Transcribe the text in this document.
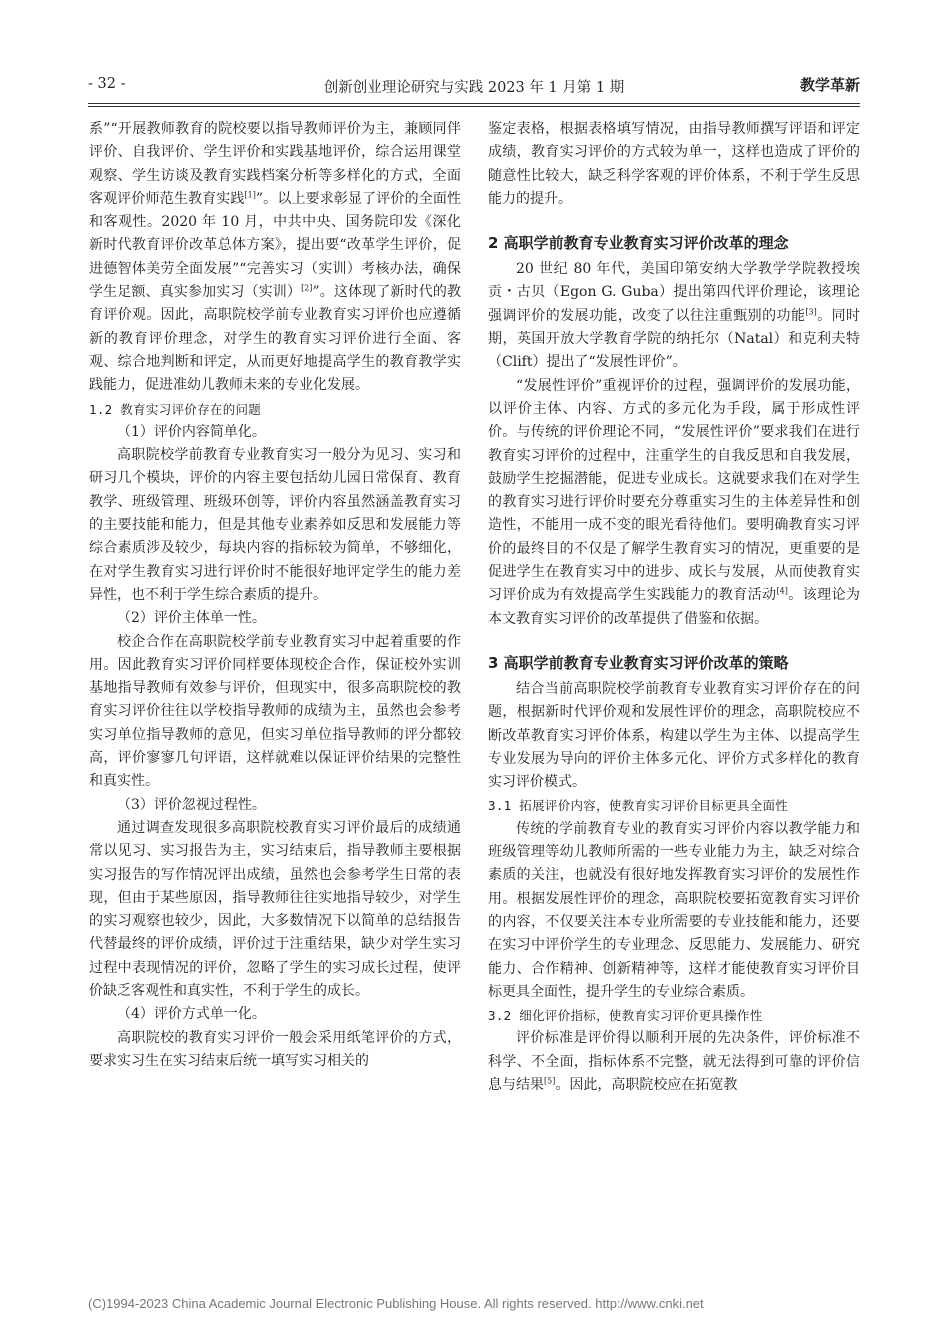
- 32 -	创新创业理论研究与实践 2023 年 1 月第 1 期	教学革新

系”“开展教师教育的院校要以指导教师评价为主，兼顾同伴评价、自我评价、学生评价和实践基地评价，综合运用课堂观察、学生访谈及教育实践档案分析等多样化的方式，全面客观评价师范生教育实践[1]”。以上要求彰显了评价的全面性和客观性。2020 年 10 月，中共中央、国务院印发《深化新时代教育评价改革总体方案》，提出要“改革学生评价，促进德智体美劳全面发展”“完善实习（实训）考核办法，确保学生足额、真实参加实习（实训）[2]”。这体现了新时代的教育评价观。因此，高职院校学前专业教育实习评价也应遵循新的教育评价理念，对学生的教育实习评价进行全面、客观、综合地判断和评定，从而更好地提高学生的教育教学实践能力，促进准幼儿教师未来的专业化发展。

1.2 教育实习评价存在的问题

（1）评价内容简单化。

高职院校学前教育专业教育实习一般分为见习、实习和研习几个模块，评价的内容主要包括幼儿园日常保育、教育教学、班级管理、班级环创等，评价内容虽然涵盖教育实习的主要技能和能力，但是其他专业素养如反思和发展能力等综合素质涉及较少，每块内容的指标较为简单，不够细化，在对学生教育实习进行评价时不能很好地评定学生的能力差异性，也不利于学生综合素质的提升。

（2）评价主体单一性。

校企合作在高职院校学前专业教育实习中起着重要的作用。因此教育实习评价同样要体现校企合作，保证校外实训基地指导教师有效参与评价，但现实中，很多高职院校的教育实习评价往往以学校指导教师的成绩为主，虽然也会参考实习单位指导教师的意见，但实习单位指导教师的评分都较高，评价寥寥几句评语，这样就难以保证评价结果的完整性和真实性。

（3）评价忽视过程性。

通过调查发现很多高职院校教育实习评价最后的成绩通常以见习、实习报告为主，实习结束后，指导教师主要根据实习报告的写作情况评出成绩，虽然也会参考学生日常的表现，但由于某些原因，指导教师往往实地指导较少，对学生的实习观察也较少，因此，大多数情况下以简单的总结报告代替最终的评价成绩，评价过于注重结果，缺少对学生实习过程中表现情况的评价，忽略了学生的实习成长过程，使评价缺乏客观性和真实性，不利于学生的成长。

（4）评价方式单一化。

高职院校的教育实习评价一般会采用纸笔评价的方式，要求实习生在实习结束后统一填写实习相关的

鉴定表格，根据表格填写情况，由指导教师撰写评语和评定成绩，教育实习评价的方式较为单一，这样也造成了评价的随意性比较大，缺乏科学客观的评价体系，不利于学生反思能力的提升。

2 高职学前教育专业教育实习评价改革的理念

20 世纪 80 年代，美国印第安纳大学教学学院教授埃贡・古贝（Egon G. Guba）提出第四代评价理论，该理论强调评价的发展功能，改变了以往注重甄别的功能[3]。同时期，英国开放大学教育学院的纳托尔（Natal）和克利夫特（Clift）提出了“发展性评价”。

“发展性评价”重视评价的过程，强调评价的发展功能，以评价主体、内容、方式的多元化为手段，属于形成性评价。与传统的评价理论不同，“发展性评价”要求我们在进行教育实习评价的过程中，注重学生的自我反思和自我发展，鼓励学生挖掘潜能，促进专业成长。这就要求我们在对学生的教育实习进行评价时要充分尊重实习生的主体差异性和创造性，不能用一成不变的眼光看待他们。要明确教育实习评价的最终目的不仅是了解学生教育实习的情况，更重要的是促进学生在教育实习中的进步、成长与发展，从而使教育实习评价成为有效提高学生实践能力的教育活动[4]。该理论为本文教育实习评价的改革提供了借鉴和依据。

3 高职学前教育专业教育实习评价改革的策略

结合当前高职院校学前教育专业教育实习评价存在的问题，根据新时代评价观和发展性评价的理念，高职院校应不断改革教育实习评价体系，构建以学生为主体、以提高学生专业发展为导向的评价主体多元化、评价方式多样化的教育实习评价模式。

3.1 拓展评价内容，使教育实习评价目标更具全面性

传统的学前教育专业的教育实习评价内容以教学能力和班级管理等幼儿教师所需的一些专业能力为主，缺乏对综合素质的关注，也就没有很好地发挥教育实习评价的发展性作用。根据发展性评价的理念，高职院校要拓宽教育实习评价的内容，不仅要关注本专业所需要的专业技能和能力，还要在实习中评价学生的专业理念、反思能力、发展能力、研究能力、合作精神、创新精神等，这样才能使教育实习评价目标更具全面性，提升学生的专业综合素质。

3.2 细化评价指标，使教育实习评价更具操作性

评价标准是评价得以顺利开展的先决条件，评价标准不科学、不全面，指标体系不完整，就无法得到可靠的评价信息与结果[5]。因此，高职院校应在拓宽教

(C)1994-2023 China Academic Journal Electronic Publishing House. All rights reserved. http://www.cnki.net
